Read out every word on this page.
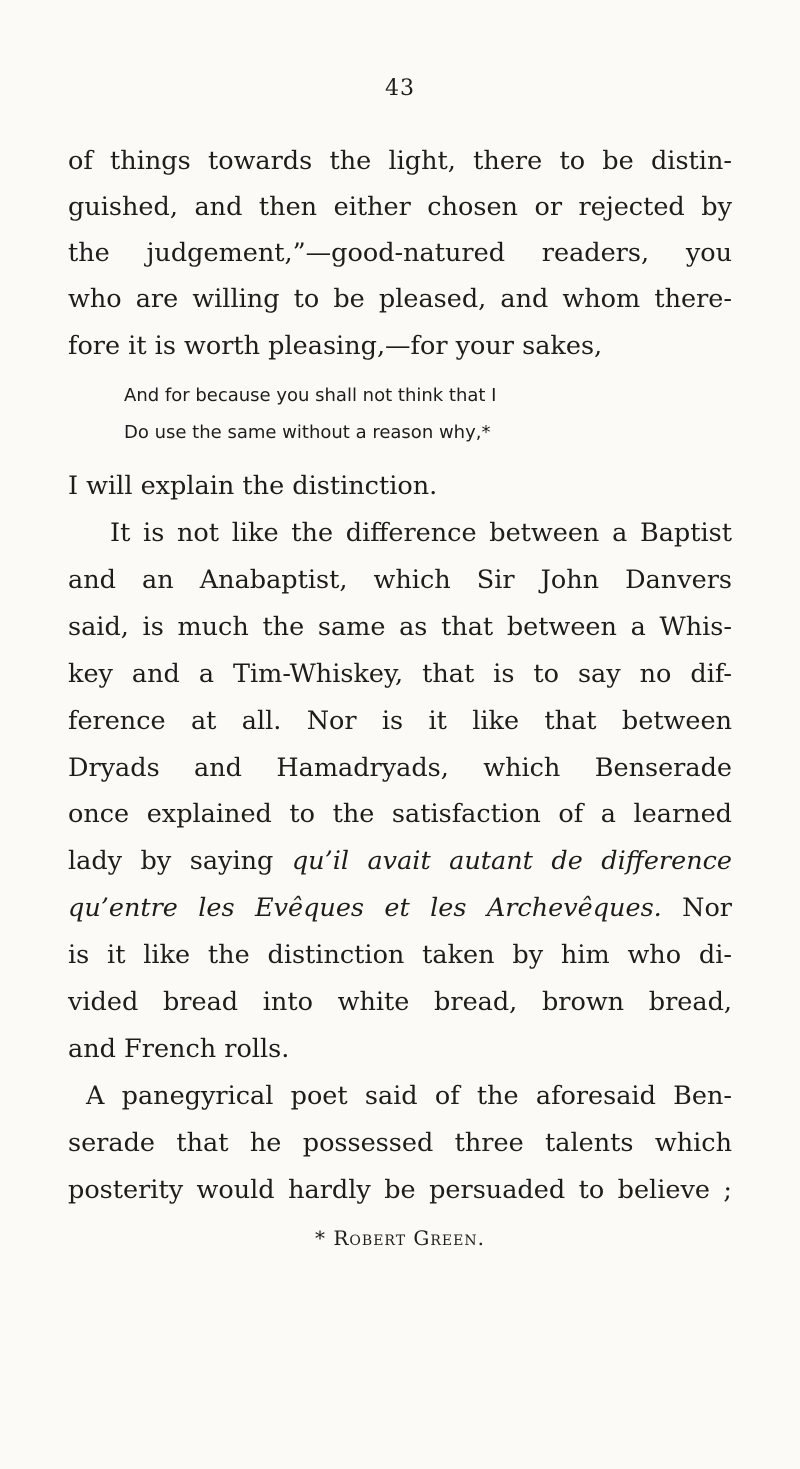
43
of things towards the light, there to be distin-
guished, and then either chosen or rejected by
the judgement,”—good-natured readers, you
who are willing to be pleased, and whom there-
fore it is worth pleasing,—for your sakes,
And for because you shall not think that I
Do use the same without a reason why,*
I will explain the distinction.
It is not like the difference between a Baptist
and an Anabaptist, which Sir John Danvers
said, is much the same as that between a Whis-
key and a Tim-Whiskey, that is to say no dif-
ference at all. Nor is it like that between
Dryads and Hamadryads, which Benserade
once explained to the satisfaction of a learned
lady by saying qu’il avait autant de difference
qu’entre les Evêques et les Archevêques. Nor
is it like the distinction taken by him who di-
vided bread into white bread, brown bread,
and French rolls.
A panegyrical poet said of the aforesaid Ben-
serade that he possessed three talents which
posterity would hardly be persuaded to believe ;
* Robert Green.
